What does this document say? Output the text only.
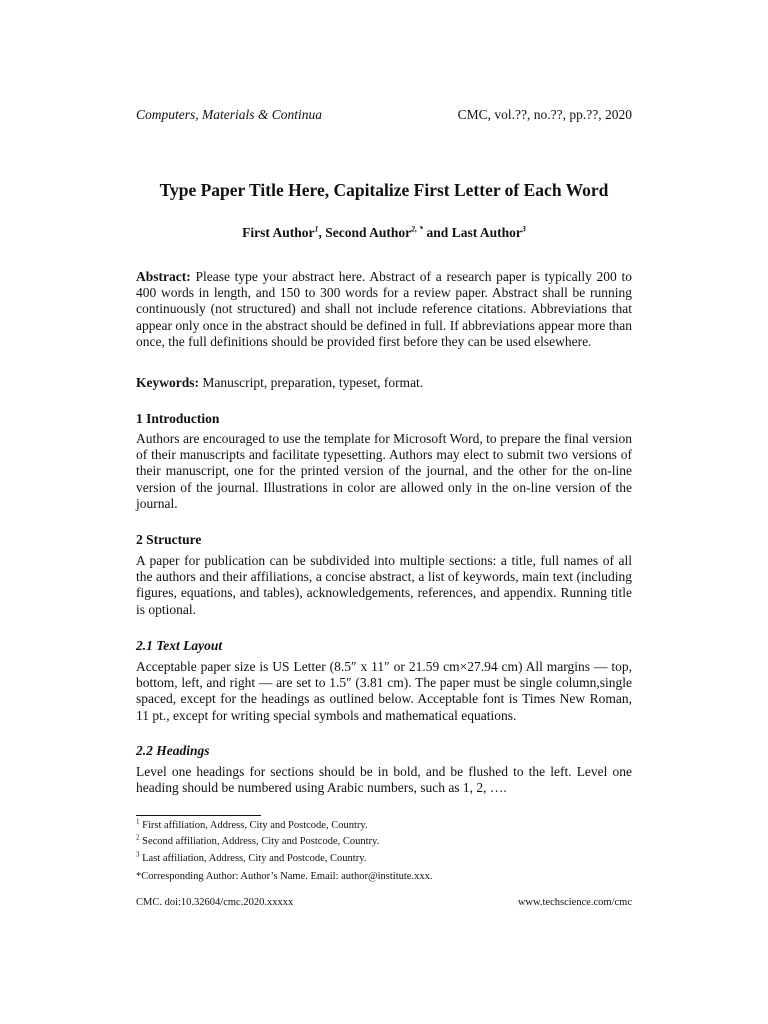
Computers, Materials & Continua	CMC, vol.??, no.??, pp.??, 2020
Type Paper Title Here, Capitalize First Letter of Each Word
First Author$^1$, Second Author$^{2, *}$ and Last Author$^3$
Abstract: Please type your abstract here. Abstract of a research paper is typically 200 to 400 words in length, and 150 to 300 words for a review paper. Abstract shall be running continuously (not structured) and shall not include reference citations. Abbreviations that appear only once in the abstract should be defined in full. If abbreviations appear more than once, the full definitions should be provided first before they can be used elsewhere.
Keywords: Manuscript, preparation, typeset, format.
1 Introduction
Authors are encouraged to use the template for Microsoft Word, to prepare the final version of their manuscripts and facilitate typesetting. Authors may elect to submit two versions of their manuscript, one for the printed version of the journal, and the other for the on-line version of the journal. Illustrations in color are allowed only in the on-line version of the journal.
2 Structure
A paper for publication can be subdivided into multiple sections: a title, full names of all the authors and their affiliations, a concise abstract, a list of keywords, main text (including figures, equations, and tables), acknowledgements, references, and appendix. Running title is optional.
2.1 Text Layout
Acceptable paper size is US Letter (8.5″ x 11″ or 21.59 cm×27.94 cm) All margins — top, bottom, left, and right — are set to 1.5″ (3.81 cm). The paper must be single column,single spaced, except for the headings as outlined below. Acceptable font is Times New Roman, 11 pt., except for writing special symbols and mathematical equations.
2.2 Headings
Level one headings for sections should be in bold, and be flushed to the left. Level one heading should be numbered using Arabic numbers, such as 1, 2, ….
$^1$ First affiliation, Address, City and Postcode, Country.
$^2$ Second affiliation, Address, City and Postcode, Country.
$^3$ Last affiliation, Address, City and Postcode, Country.
*Corresponding Author: Author’s Name. Email: author@institute.xxx.
CMC. doi:10.32604/cmc.2020.xxxxx	www.techscience.com/cmc
